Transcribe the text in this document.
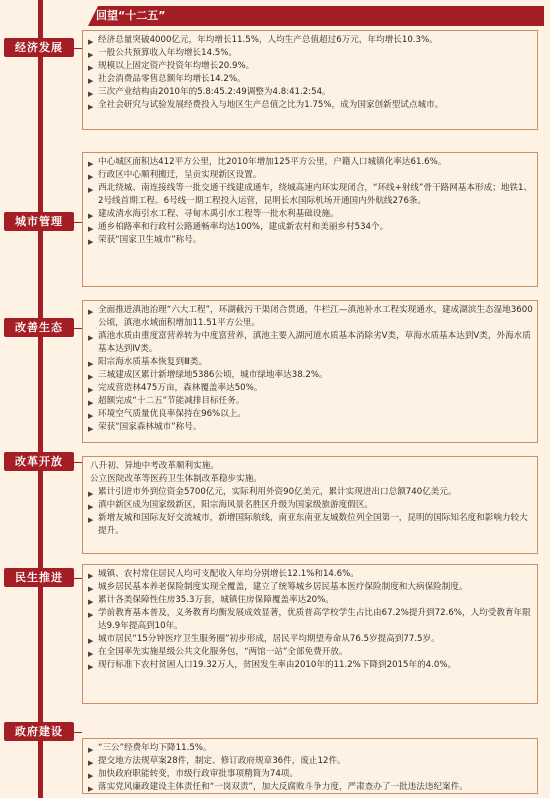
回望“十二五”
经济发展	▶ 经济总量突破4000亿元，年均增长11.5%，人均生产总值超过6万元，年均增长10.3%。
▶ 一般公共预算收入年均增长14.5%。
▶ 规模以上固定资产投资年均增长20.9%。
▶ 社会消费品零售总额年均增长14.2%。
▶ 三次产业结构由2010年的5.8:45.2:49调整为4.8:41.2:54。
▶ 全社会研究与试验发展经费投入与地区生产总值之比为1.75%，成为国家创新型试点城市。
城市管理
▶ 中心城区面积达412平方公里，比2010年增加125平方公里，户籍人口城镇化率达61.6%。
▶ 行政区中心顺利搬迁，呈贡实现新区设置。
▶ 西北绕城、南连接线等一批交通干线建成通车，绕城高速内环实现闭合，“环线+射线”骨干路网基本形成；地铁1、2号线首期工程、6号线一期工程投入运营，昆明长水国际机场开通国内外航线276条。
▶ 建成清水海引水工程、寻甸木禹引水工程等一批水利基础设施。
▶ 通乡柏路率和行政村公路通畅率均达100%，建成新农村和美丽乡村534个。
▶ 荣获“国家卫生城市”称号。
改善生态
▶ 全面推进滇池治理“六大工程”，环湖截污干渠闭合贯通，牛栏江—滇池补水工程实现通水，建成湖滨生态湿地3600公顷，滇池水域面积增加11.51平方公里。
▶ 滇池水质由重度富营养转为中度富营养，滇池主要入湖河道水质基本消除劣Ⅴ类，草海水质基本达到Ⅴ类，外海水质基本达到Ⅳ类。
▶ 阳宗海水质基本恢复到Ⅲ类。
▶ 三城建成区累计新增绿地5386公顷，城市绿地率达38.2%。
▶ 完成营造林475万亩，森林覆盖率达50%。
▶ 超额完成“十二五”节能减排目标任务。
▶ 环境空气质量优良率保持在96%以上。
▶ 荣获“国家森林城市”称号。
改革开放	八升初、异地中考改革顺利实施。
公立医院改革等医药卫生体制改革稳步实施。
▶ 累计引进市外到位资金5700亿元，实际利用外资90亿美元，累计实现进出口总额740亿美元。
▶ 滇中新区成为国家级新区，阳宗海风景名胜区升级为国家级旅游度假区。
▶ 新增友城和国际友好交流城市，新增国际航线，南亚东南亚友城数位列全国第一，昆明的国际知名度和影响力较大提升。
民生推进	▶ 城镇、农村常住居民人均可支配收入年均分别增长12.1%和14.6%。
▶ 城乡居民基本养老保险制度实现全覆盖，建立了统筹城乡居民基本医疗保险制度和大病保险制度。
▶ 累计各类保障性住房35.3万套，城镇住房保障覆盖率达20%。
▶ 学前教育基本普及，义务教育均衡发展成效显著，优质普高学校学生占比由67.2%提升到72.6%，人均受教育年限达9.9年提高到10年。
▶ 城市居民“15分钟医疗卫生服务圈”初步形成，居民平均期望寿命从76.5岁提高到77.5岁。
▶ 在全国率先实施星级公共文化服务包，“两馆一站”全部免费开放。
▶ 现行标准下农村贫困人口19.32万人，贫困发生率由2010年的11.2%下降到2015年的4.0%。
政府建设
▶ “三公”经费年均下降11.5%。
▶ 提交地方法规草案28件，制定、修订政府规章36件，废止12件。
▶ 加快政府职能转变，市级行政审批事项精简为74项。
▶ 落实党风廉政建设主体责任和“一岗双责”，加大反腐败斗争力度，严肃查办了一批违法违纪案件。
